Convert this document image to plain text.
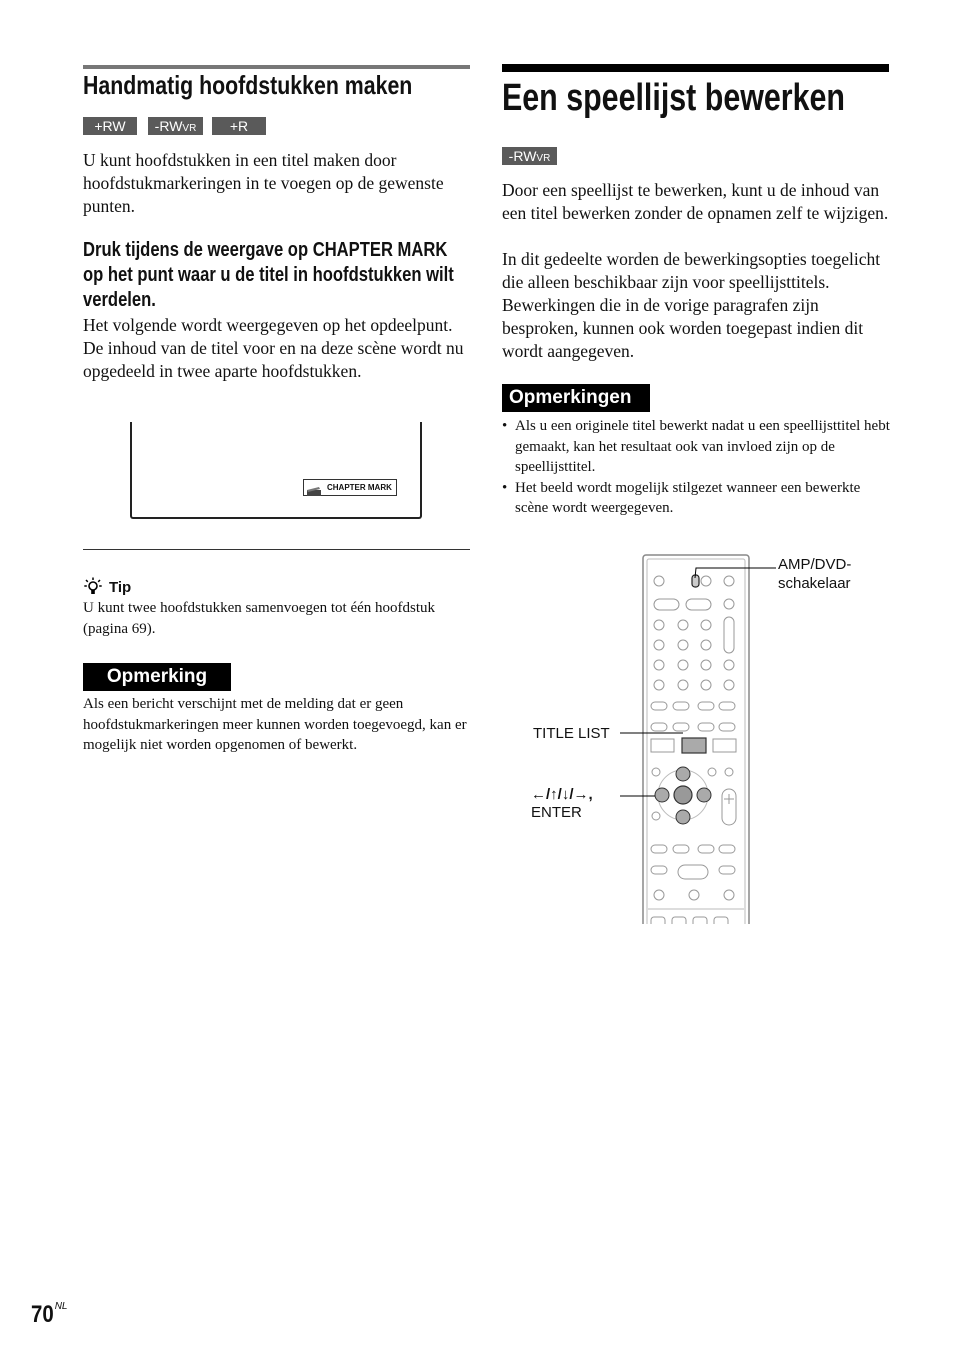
Handmatig hoofdstukken maken
+RW	-RWVR	+R
U kunt hoofdstukken in een titel maken door hoofdstukmarkeringen in te voegen op de gewenste punten.
Druk tijdens de weergave op CHAPTER MARK
op het punt waar u de titel in hoofdstukken wilt
verdelen.
Het volgende wordt weergegeven op het opdeelpunt. De inhoud van de titel voor en na deze scène wordt nu opgedeeld in twee aparte hoofdstukken.
CHAPTER MARK
Tip
U kunt twee hoofdstukken samenvoegen tot één hoofdstuk (pagina 69).
Opmerking
Als een bericht verschijnt met de melding dat er geen hoofdstukmarkeringen meer kunnen worden toegevoegd, kan er mogelijk niet worden opgenomen of bewerkt.
Een speellijst bewerken
-RWVR
Door een speellijst te bewerken, kunt u de inhoud van een titel bewerken zonder de opnamen zelf te wijzigen.
In dit gedeelte worden de bewerkingsopties toegelicht die alleen beschikbaar zijn voor speellijsttitels. Bewerkingen die in de vorige paragrafen zijn besproken, kunnen ook worden toegepast indien dit wordt aangegeven.
Opmerkingen
• Als u een originele titel bewerkt nadat u een speellijsttitel hebt gemaakt, kan het resultaat ook van invloed zijn op de speellijsttitel.
• Het beeld wordt mogelijk stilgezet wanneer een bewerkte scène wordt weergegeven.
AMP/DVD-
schakelaar
TITLE LIST
←/↑/↓/→,
ENTER
$70^{NL}$
